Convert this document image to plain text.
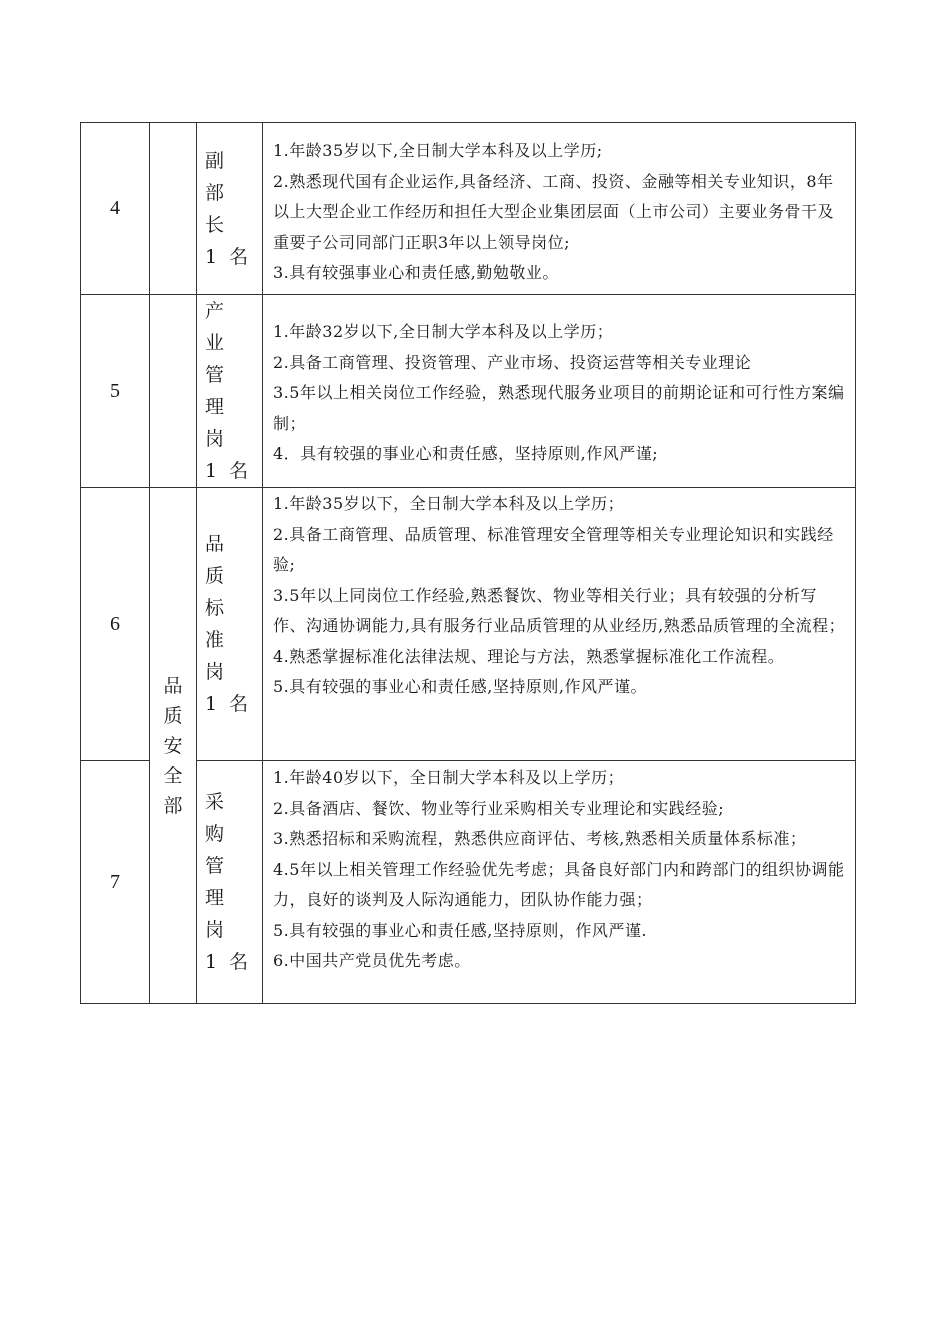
4
副
部
长
1  名

1.年龄35岁以下,全日制大学本科及以上学历;

2.熟悉现代国有企业运作,具备经济、工商、投资、金融等相关专业知识，8年以上大型企业工作经历和担任大型企业集团层面（上市公司）主要业务骨干及重要子公司同部门正职3年以上领导岗位;

3.具有较强事业心和责任感,勤勉敬业。

5
产
业
管
理
岗
1  名

1.年龄32岁以下,全日制大学本科及以上学历；

2.具备工商管理、投资管理、产业市场、投资运营等相关专业理论

3.5年以上相关岗位工作经验，熟悉现代服务业项目的前期论证和可行性方案编制；

4．具有较强的事业心和责任感，坚持原则,作风严谨;

6
品
质
标
准
岗
1  名

1.年龄35岁以下，全日制大学本科及以上学历；

2.具备工商管理、品质管理、标准管理安全管理等相关专业理论知识和实践经验;

3.5年以上同岗位工作经验,熟悉餐饮、物业等相关行业；具有较强的分析写作、沟通协调能力,具有服务行业品质管理的从业经历,熟悉品质管理的全流程；

4.熟悉掌握标准化法律法规、理论与方法，熟悉掌握标准化工作流程。

5.具有较强的事业心和责任感,坚持原则,作风严谨。

7
采
购
管
理
岗
1  名

1.年龄40岁以下，全日制大学本科及以上学历；

2.具备酒店、餐饮、物业等行业采购相关专业理论和实践经验;

3.熟悉招标和采购流程，熟悉供应商评估、考核,熟悉相关质量体系标准；

4.5年以上相关管理工作经验优先考虑；具备良好部门内和跨部门的组织协调能力，良好的谈判及人际沟通能力，团队协作能力强；

5.具有较强的事业心和责任感,坚持原则，作风严谨.

6.中国共产党员优先考虑。

品
质
安
全
部
